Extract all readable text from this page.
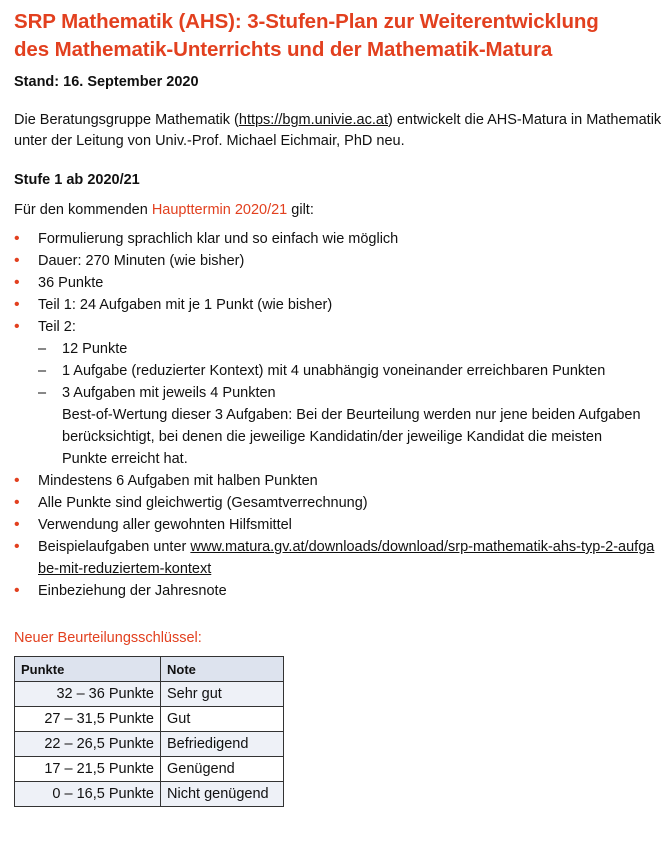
SRP Mathematik (AHS): 3-Stufen-Plan zur Weiterentwicklung
des Mathematik-Unterrichts und der Mathematik-Matura

Stand: 16. September 2020

Die Beratungsgruppe Mathematik (https://bgm.univie.ac.at) entwickelt die AHS-Matura in Mathematik unter der Leitung von Univ.-Prof. Michael Eichmair, PhD neu.

Stufe 1 ab 2020/21

Für den kommenden Haupttermin 2020/21 gilt:

• Formulierung sprachlich klar und so einfach wie möglich
• Dauer: 270 Minuten (wie bisher)
• 36 Punkte
• Teil 1: 24 Aufgaben mit je 1 Punkt (wie bisher)
• Teil 2:
– 12 Punkte
– 1 Aufgabe (reduzierter Kontext) mit 4 unabhängig voneinander erreichbaren Punkten
– 3 Aufgaben mit jeweils 4 Punkten
Best-of-Wertung dieser 3 Aufgaben: Bei der Beurteilung werden nur jene beiden Aufgaben berücksichtigt, bei denen die jeweilige Kandidatin/der jeweilige Kandidat die meisten Punkte erreicht hat.
• Mindestens 6 Aufgaben mit halben Punkten
• Alle Punkte sind gleichwertig (Gesamtverrechnung)
• Verwendung aller gewohnten Hilfsmittel
• Beispielaufgaben unter www.matura.gv.at/downloads/download/srp-mathematik-ahs-typ-2-aufgabe-mit-reduziertem-kontext
• Einbeziehung der Jahresnote

Neuer Beurteilungsschlüssel:

Punkte	Note
32 – 36 Punkte	Sehr gut
27 – 31,5 Punkte	Gut
22 – 26,5 Punkte	Befriedigend
17 – 21,5 Punkte	Genügend
0 – 16,5 Punkte	Nicht genügend
